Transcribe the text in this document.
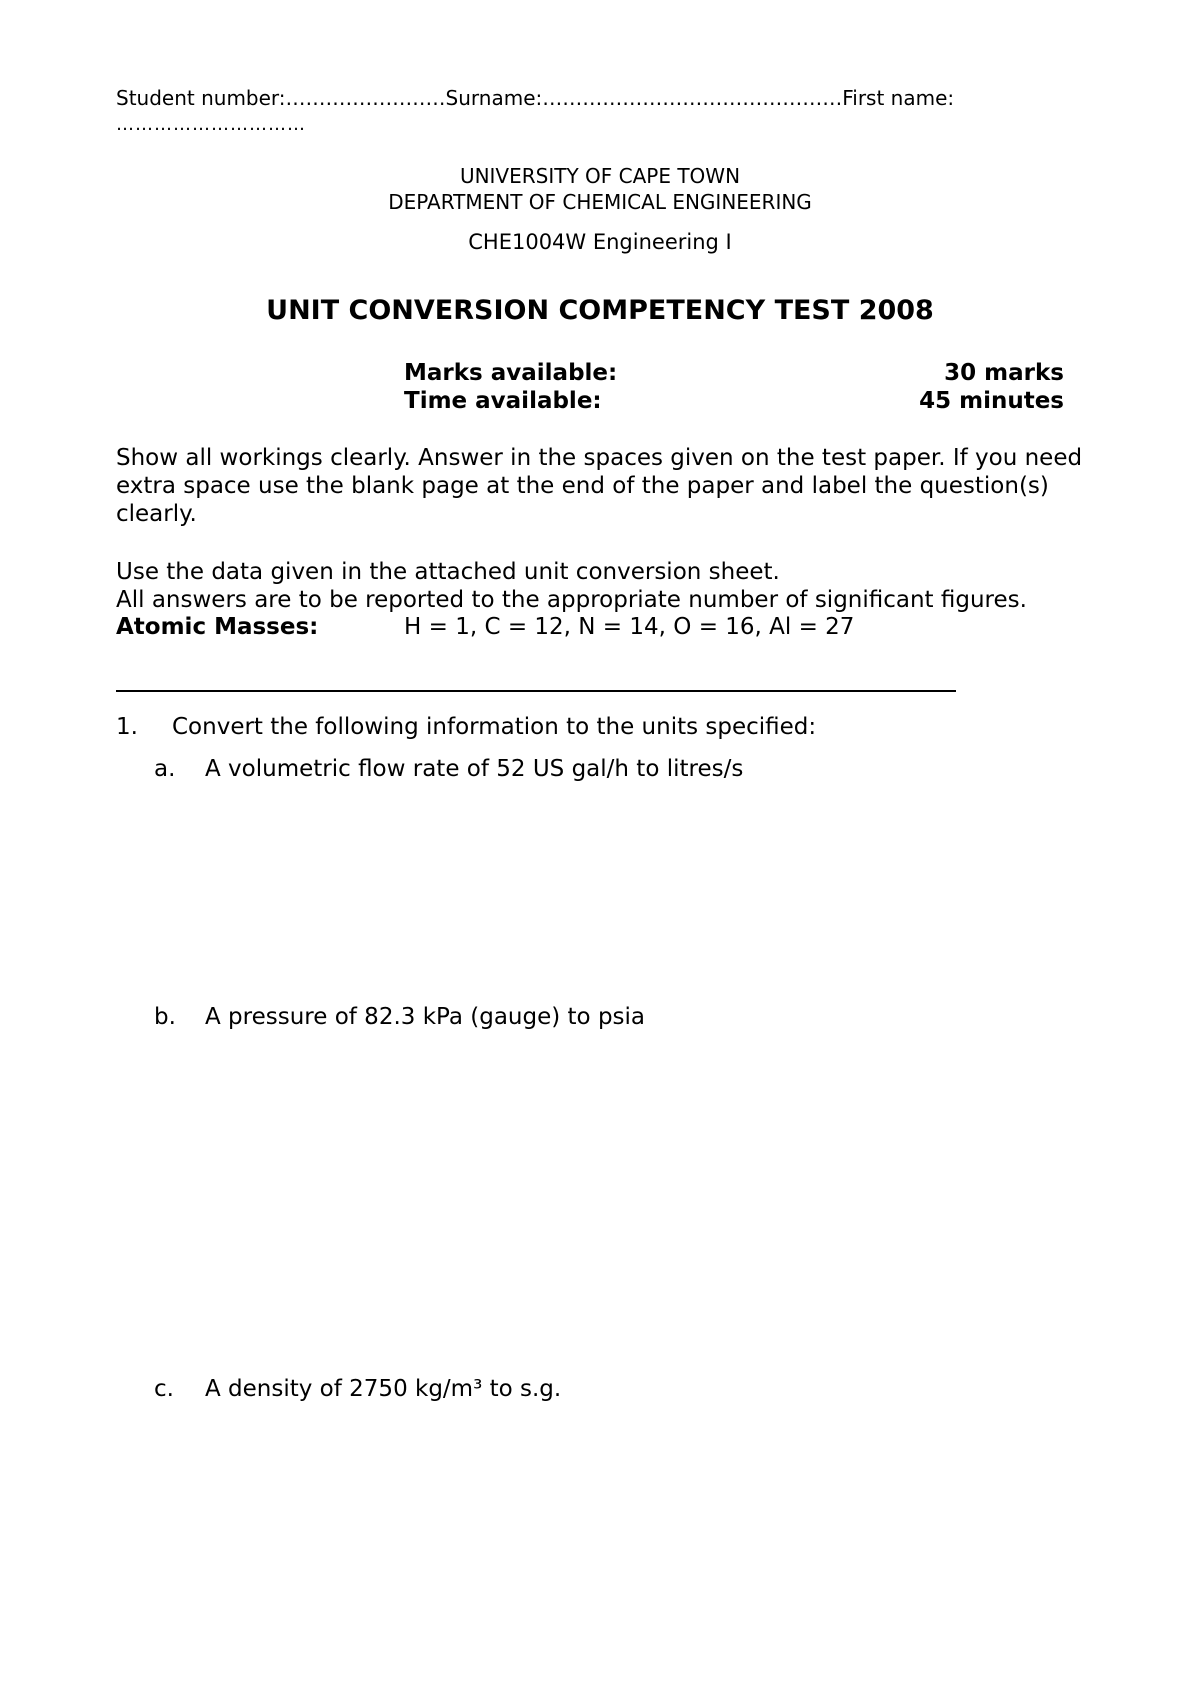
Student number:……………………Surname:………………………………………First name:
…………………………
UNIVERSITY OF CAPE TOWN
DEPARTMENT OF CHEMICAL ENGINEERING
CHE1004W Engineering I
UNIT CONVERSION COMPETENCY TEST 2008
Marks available:	30 marks
Time available:	45 minutes
Show all workings clearly. Answer in the spaces given on the test paper. If you need extra space use the blank page at the end of the paper and label the question(s) clearly.
Use the data given in the attached unit conversion sheet.
All answers are to be reported to the appropriate number of significant figures.
Atomic Masses:	H = 1, C = 12, N = 14, O = 16, Al = 27
1. Convert the following information to the units specified:
a. A volumetric flow rate of 52 US gal/h to litres/s
b. A pressure of 82.3 kPa (gauge) to psia
c. A density of 2750 kg/m³ to s.g.
